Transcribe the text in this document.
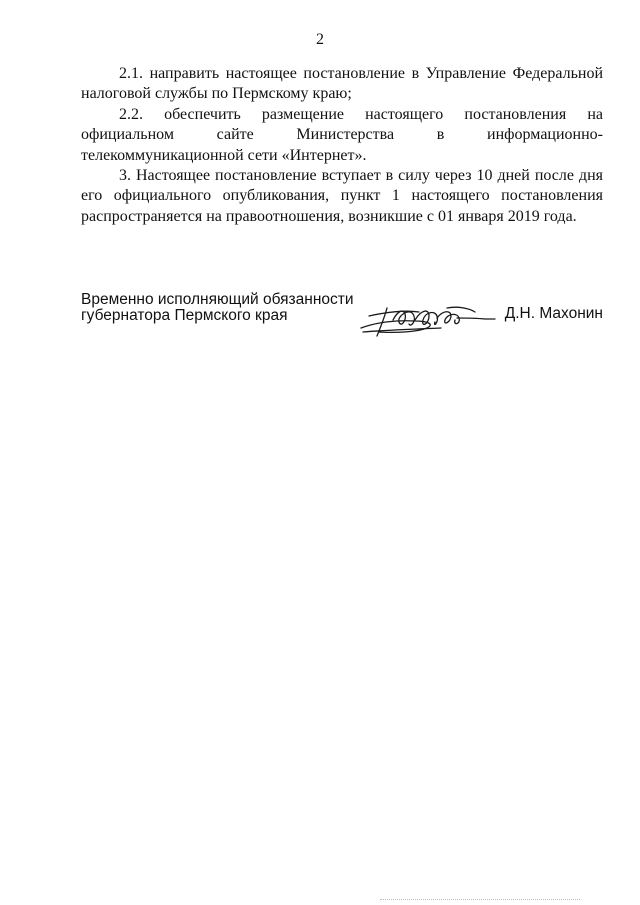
2

2.1. направить настоящее постановление в Управление Федеральной налоговой службы по Пермскому краю;

2.2. обеспечить размещение настоящего постановления на официальном сайте Министерства в информационно-телекоммуникационной сети «Интернет».

3. Настоящее постановление вступает в силу через 10 дней после дня его официального опубликования, пункт 1 настоящего постановления распространяется на правоотношения, возникшие с 01 января 2019 года.

Временно исполняющий обязанности
губернатора Пермского края	Д.Н. Махонин
